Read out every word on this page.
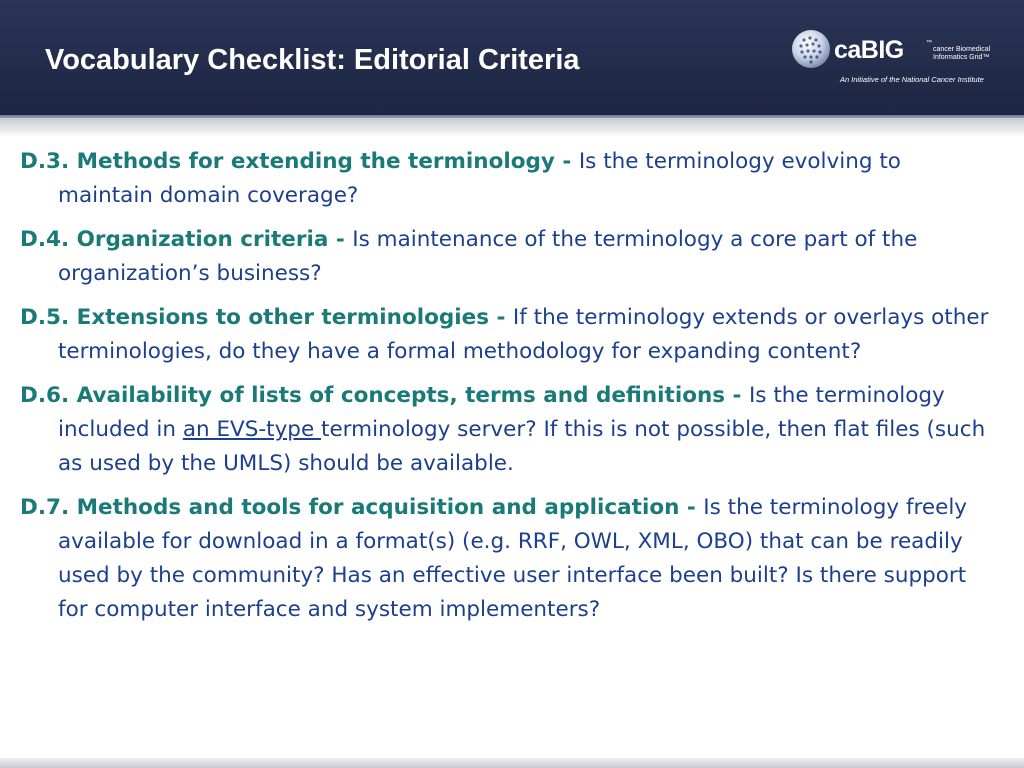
Vocabulary Checklist: Editorial Criteria	caBIG	™
cancer Biomedical Informatics Grid™
An Initiative of the National Cancer Institute
D.3. Methods for extending the terminology - Is the terminology evolving to maintain domain coverage?
D.4. Organization criteria - Is maintenance of the terminology a core part of the organization’s business?
D.5. Extensions to other terminologies - If the terminology extends or overlays other terminologies, do they have a formal methodology for expanding content?
D.6. Availability of lists of concepts, terms and definitions - Is the terminology included in an EVS-type terminology server? If this is not possible, then flat files (such as used by the UMLS) should be available.
D.7. Methods and tools for acquisition and application - Is the terminology freely available for download in a format(s) (e.g. RRF, OWL, XML, OBO) that can be readily used by the community? Has an effective user interface been built? Is there support for computer interface and system implementers?
